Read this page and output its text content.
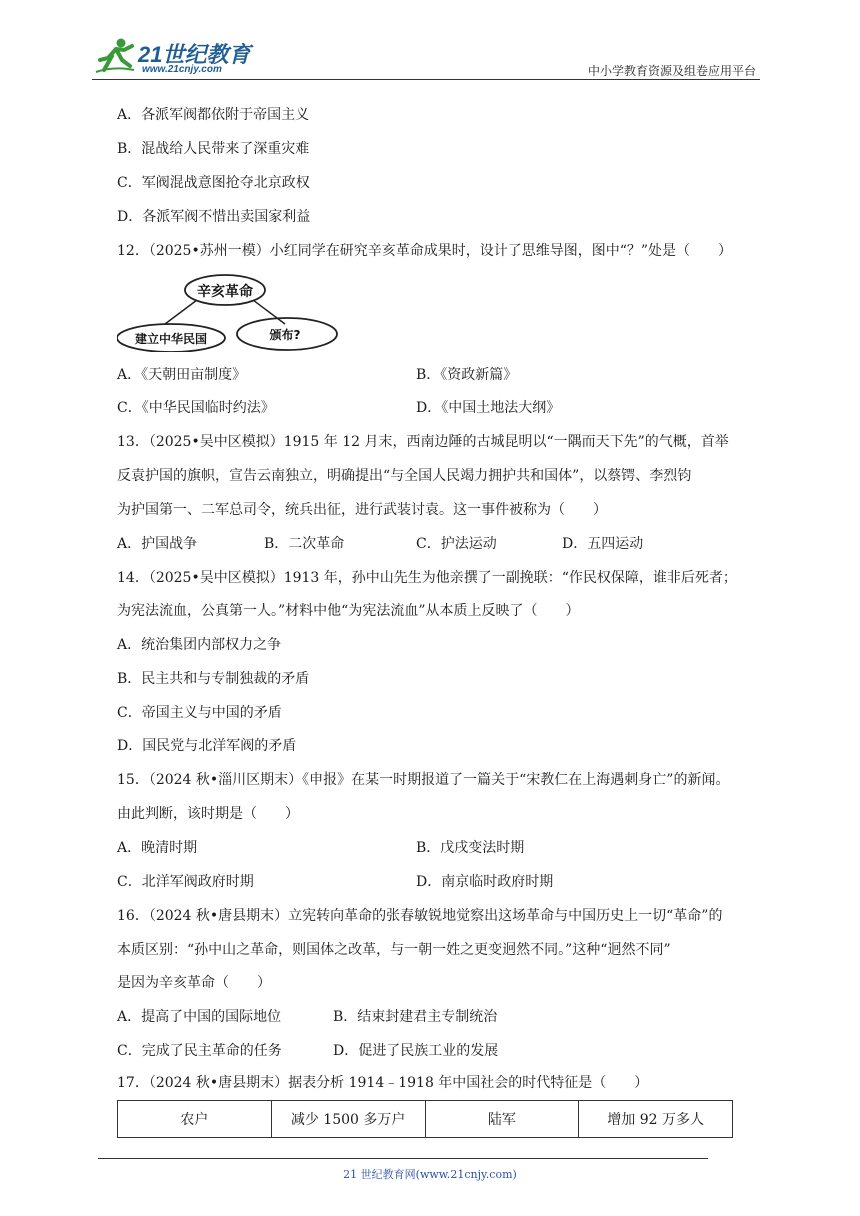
21世纪教育
www.21cnjy.com	中小学教育资源及组卷应用平台
A．各派军阀都依附于帝国主义
B．混战给人民带来了深重灾难
C．军阀混战意图抢夺北京政权
D．各派军阀不惜出卖国家利益
12．（2025•苏州一模）小红同学在研究辛亥革命成果时，设计了思维导图，图中“？”处是（　　）
辛亥革命
建立中华民国	颁布?
A．《天朝田亩制度》	B．《资政新篇》
C．《中华民国临时约法》	D．《中国土地法大纲》
13．（2025•吴中区模拟）1915 年 12 月末，西南边陲的古城昆明以“一隅而天下先”的气概，首举
反袁护国的旗帜，宣告云南独立，明确提出“与全国人民竭力拥护共和国体”，以蔡锷、李烈钧
为护国第一、二军总司令，统兵出征，进行武装讨袁。这一事件被称为（　　）
A．护国战争	B．二次革命	C．护法运动	D．五四运动
14．（2025•吴中区模拟）1913 年，孙中山先生为他亲撰了一副挽联：“作民权保障，谁非后死者；
为宪法流血，公真第一人。”材料中他“为宪法流血”从本质上反映了（　　）
A．统治集团内部权力之争
B．民主共和与专制独裁的矛盾
C．帝国主义与中国的矛盾
D．国民党与北洋军阀的矛盾
15．（2024 秋•淄川区期末）《申报》在某一时期报道了一篇关于“宋教仁在上海遇刺身亡”的新闻。
由此判断，该时期是（　　）
A．晚清时期	B．戊戌变法时期
C．北洋军阀政府时期	D．南京临时政府时期
16．（2024 秋•唐县期末）立宪转向革命的张春敏锐地觉察出这场革命与中国历史上一切“革命”的
本质区别：“孙中山之革命，则国体之改革，与一朝一姓之更变迥然不同。”这种“迥然不同”
是因为辛亥革命（　　）
A．提高了中国的国际地位	B．结束封建君主专制统治
C．完成了民主革命的任务	D．促进了民族工业的发展
17．（2024 秋•唐县期末）据表分析 1914﹣1918 年中国社会的时代特征是（　　）
农户	减少 1500 多万户	陆军	增加 92 万多人
21 世纪教育网(www.21cnjy.com)
